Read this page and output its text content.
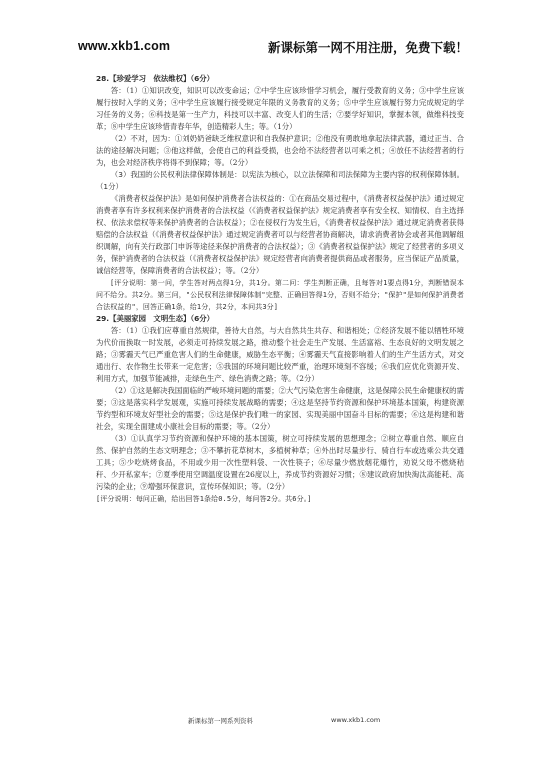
www.xkb1.com	新课标第一网不用注册，免费下载！

28.【珍爱学习　依法维权】（6分）

答：（1）①知识改变，知识可以改变命运；②中学生应该珍惜学习机会，履行受教育的义务；③中学生应该履行按时入学的义务；④中学生应该履行接受规定年限的义务教育的义务；⑤中学生应该履行努力完成规定的学习任务的义务；⑥科技是第一生产力，科技可以丰富、改变人们的生活；⑦要学好知识，掌握本领，做维科技变革；⑧中学生应该珍惜青春年华，创造精彩人生；等。（1分）

（2）不对，因为：①刘奶奶爸缺乏维权意识和自我保护意识；②他没有勇敢地拿起法律武器，通过正当、合法的途径解决问题；③他这样做，会使自己的利益受损，也会给不法经营者以可乘之机；④放任不法经营者的行为，也会对经济秩序将得不到保障；等。（2分）

（3）我国的公民权利法律保障体制是：以宪法为核心，以立法保障和司法保障为主要内容的权利保障体制。（1分）

《消费者权益保护法》是如何保护消费者合法权益的：①在商品交易过程中，《消费者权益保护法》通过规定消费者享有许多权利来保护消费者的合法权益（《消费者权益保护法》规定消费者享有安全权、知情权、自主选择权、依法求偿权等来保护消费者的合法权益）；②在侵权行为发生后，《消费者权益保护法》通过规定消费者获得赔偿的合法权益（《消费者权益保护法》通过规定消费者可以与经营者协商解决，请求消费者协会或者其他调解组织调解，向有关行政部门申诉等途径来保护消费者的合法权益）；③《消费者权益保护法》规定了经营者的多项义务，保护消费者的合法权益（《消费者权益保护法》规定经营者向消费者提供商品或者服务，应当保证产品质量，诚信经营等，保障消费者的合法权益）；等。（2分）

[评分说明：第一问，学生答对两点得1分，共1分。第二问：学生判断正确，且每答对1要点得1分，判断错误本问不给分。共2分。第三问，"公民权利法律保障体制"完整、正确回答得1分，否则不给分；"保护"是如何保护消费者合法权益的"，回答正确1条，给1分，共2分，本问共3分]

29.【美丽家园　文明生态】（6分）

答：（1）①我们应尊重自然规律，善待大自然，与大自然共生共存、和谐相处；②经济发展不能以牺牲环境为代价而换取一时发展，必须走可持续发展之路，推动整个社会走生产发展、生活富裕、生态良好的文明发展之路；③雾霾天气已严重危害人们的生命健康，威胁生态平衡；④雾霾天气直接影响着人们的生产生活方式，对交通出行、农作物生长带来一定危害；⑤我国的环境问题比较严重，治理环境刻不容缓；⑥我们应优化资源开发、利用方式，加强节能减排，走绿色生产、绿色消费之路；等。（2分）

（2）①这是解决我国面临的严峻环境问题的需要；②大气污染危害生命健康，这是保障公民生命健康权的需要；③这是落实科学发展观，实施可持续发展战略的需要；④这是坚持节约资源和保护环境基本国策，构建资源节约型和环境友好型社会的需要；⑤这是保护我们唯一的家园、实现美丽中国奋斗目标的需要；⑥这是构建和谐社会，实现全面建成小康社会目标的需要；等。（2分）

（3）①认真学习节约资源和保护环境的基本国策，树立可持续发展的思想理念；②树立尊重自然、顺应自然、保护自然的生态文明理念；③不攀折花草树木，多植树种草；④外出时尽量步行、骑自行车或选乘公共交通工具；⑤少吃烧烤食品，不用或少用一次性塑料袋、一次性筷子；⑥尽量少燃放烟花爆竹，劝说父母不燃烧秸秆、少开私家车；⑦夏季使用空调温度设置在26度以上，养成节约资源好习惯；⑧建议政府加快淘汰高能耗、高污染的企业；⑨增强环保意识，宣传环保知识；等。（2分）

[评分说明：每问正确，给出回答1条给0.5分，每问答2分。共6分。]

新课标第一网系列资料	www.xkb1.com
